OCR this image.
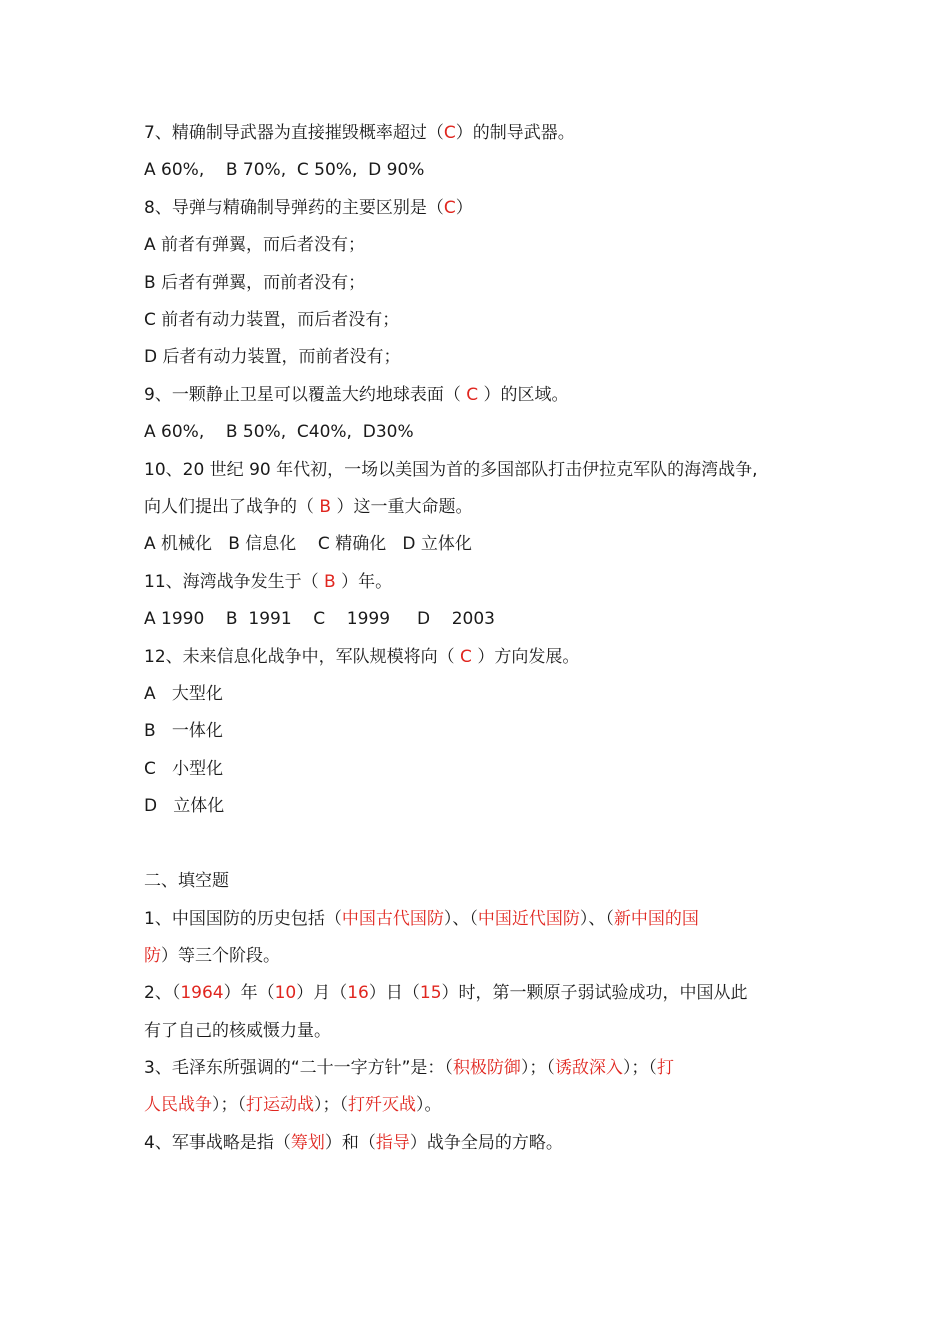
7、精确制导武器为直接摧毁概率超过（C）的制导武器。
A 60%,    B 70%,  C 50%,  D 90%
8、导弹与精确制导弹药的主要区别是（C）
A 前者有弹翼，而后者没有；
B 后者有弹翼，而前者没有；
C 前者有动力装置，而后者没有；
D 后者有动力装置，而前者没有；
9、一颗静止卫星可以覆盖大约地球表面（ C ）的区域。
A 60%,    B 50%,  C40%,  D30%
10、20 世纪 90 年代初，一场以美国为首的多国部队打击伊拉克军队的海湾战争,
向人们提出了战争的（ B ）这一重大命题。
A 机械化   B 信息化    C 精确化   D 立体化
11、海湾战争发生于（ B ）年。
A 1990    B  1991    C    1999     D    2003
12、未来信息化战争中，军队规模将向（ C ）方向发展。
A   大型化
B   一体化
C   小型化
D   立体化
二、填空题
1、中国国防的历史包括（中国古代国防）、（中国近代国防）、（新中国的国
防）等三个阶段。
2、（1964）年（10）月（16）日（15）时，第一颗原子弱试验成功，中国从此
有了自己的核威慑力量。
3、毛泽东所强调的“二十一字方针”是：（积极防御）；（诱敌深入）；（打
人民战争）；（打运动战）；（打歼灭战）。
4、军事战略是指（筹划）和（指导）战争全局的方略。
